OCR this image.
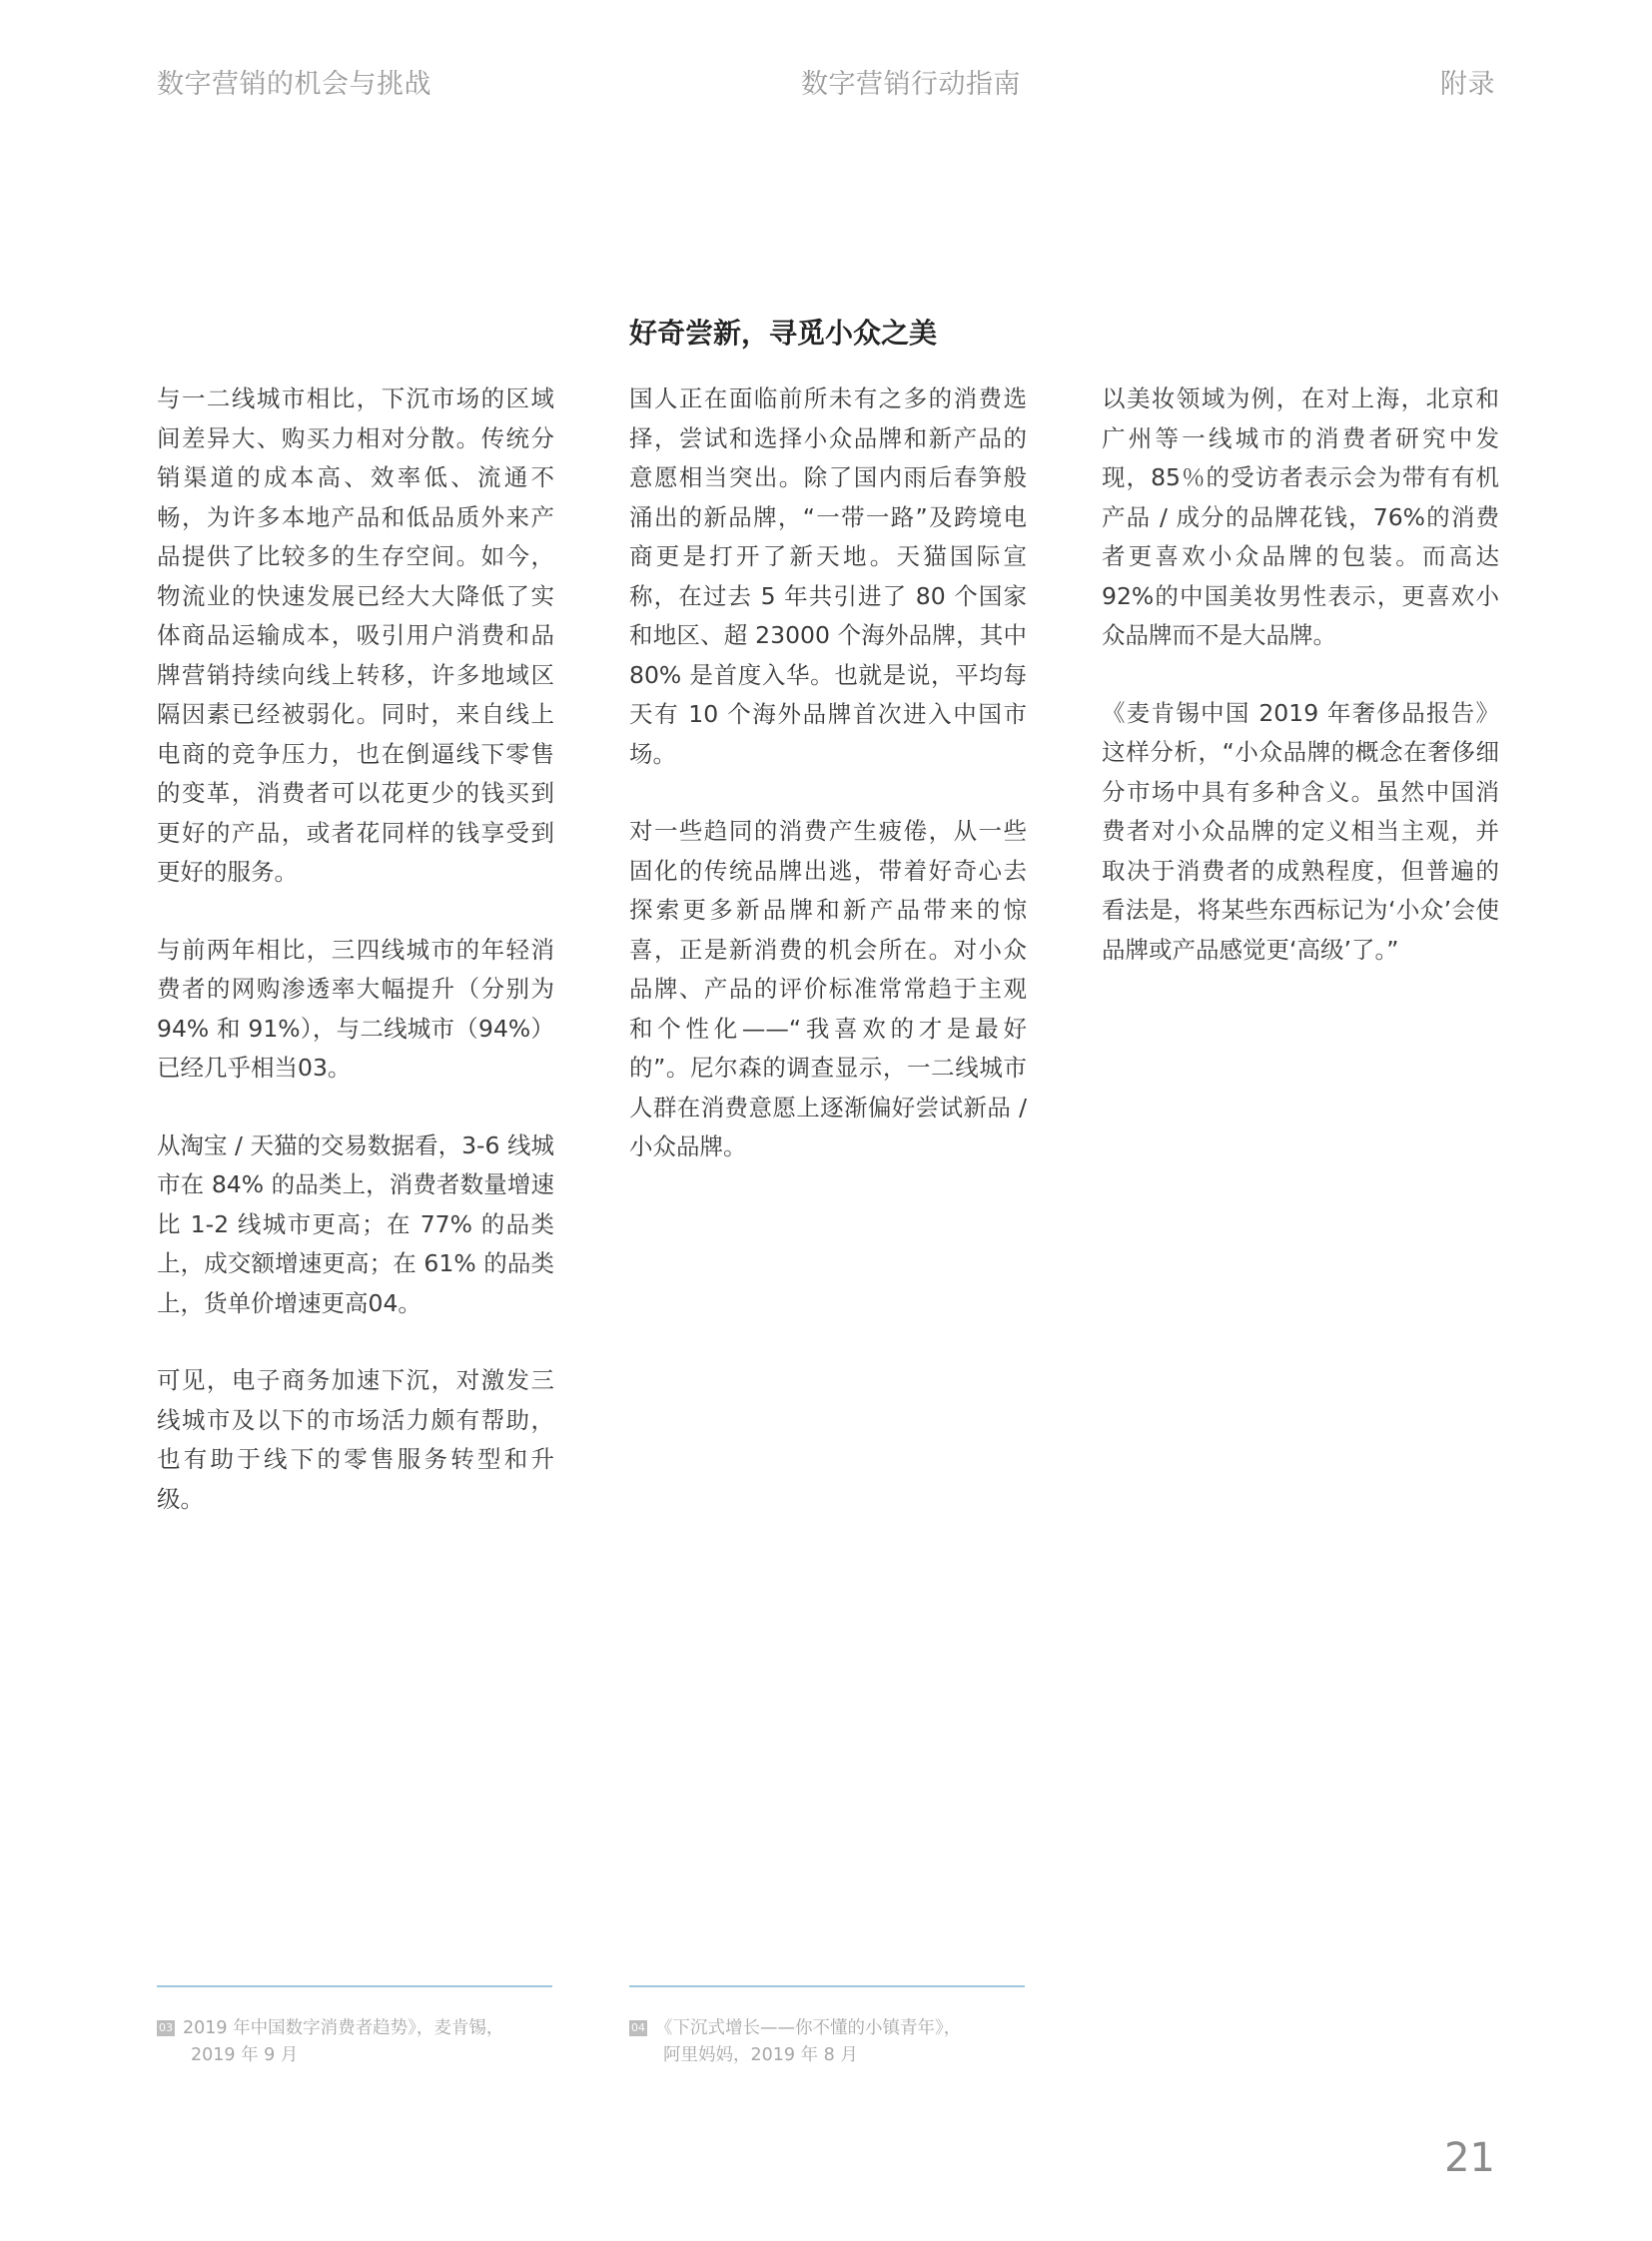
数字营销的机会与挑战	数字营销行动指南	附录
好奇尝新，寻觅小众之美

与一二线城市相比，下沉市场的区域间差异大、购买力相对分散。传统分销渠道的成本高、效率低、流通不畅，为许多本地产品和低品质外来产品提供了比较多的生存空间。如今，物流业的快速发展已经大大降低了实体商品运输成本，吸引用户消费和品牌营销持续向线上转移，许多地域区隔因素已经被弱化。同时，来自线上电商的竞争压力，也在倒逼线下零售的变革，消费者可以花更少的钱买到更好的产品，或者花同样的钱享受到更好的服务。

与前两年相比，三四线城市的年轻消费者的网购渗透率大幅提升（分别为 94% 和 91%），与二线城市（94%）已经几乎相当03。

从淘宝 / 天猫的交易数据看，3-6 线城市在 84% 的品类上，消费者数量增速比 1-2 线城市更高；在 77% 的品类上，成交额增速更高；在 61% 的品类上，货单价增速更高04。

可见，电子商务加速下沉，对激发三线城市及以下的市场活力颇有帮助，也有助于线下的零售服务转型和升级。

国人正在面临前所未有之多的消费选择，尝试和选择小众品牌和新产品的意愿相当突出。除了国内雨后春笋般涌出的新品牌，“一带一路”及跨境电商更是打开了新天地。天猫国际宣称，在过去 5 年共引进了 80 个国家和地区、超 23000 个海外品牌，其中 80% 是首度入华。也就是说，平均每天有 10 个海外品牌首次进入中国市场。

对一些趋同的消费产生疲倦，从一些固化的传统品牌出逃，带着好奇心去探索更多新品牌和新产品带来的惊喜，正是新消费的机会所在。对小众品牌、产品的评价标准常常趋于主观和个性化——“我喜欢的才是最好的”。尼尔森的调查显示，一二线城市人群在消费意愿上逐渐偏好尝试新品 / 小众品牌。

以美妆领域为例，在对上海，北京和广州等一线城市的消费者研究中发现，85％的受访者表示会为带有有机产品 / 成分的品牌花钱，76%的消费者更喜欢小众品牌的包装。而高达 92%的中国美妆男性表示，更喜欢小众品牌而不是大品牌。

《麦肯锡中国 2019 年奢侈品报告》这样分析，“小众品牌的概念在奢侈细分市场中具有多种含义。虽然中国消费者对小众品牌的定义相当主观，并取决于消费者的成熟程度，但普遍的看法是，将某些东西标记为‘小众’会使品牌或产品感觉更‘高级’了。”

03 2019 年中国数字消费者趋势》，麦肯锡，
2019 年 9 月
04 《下沉式增长——你不懂的小镇青年》，
阿里妈妈，2019 年 8 月
21
